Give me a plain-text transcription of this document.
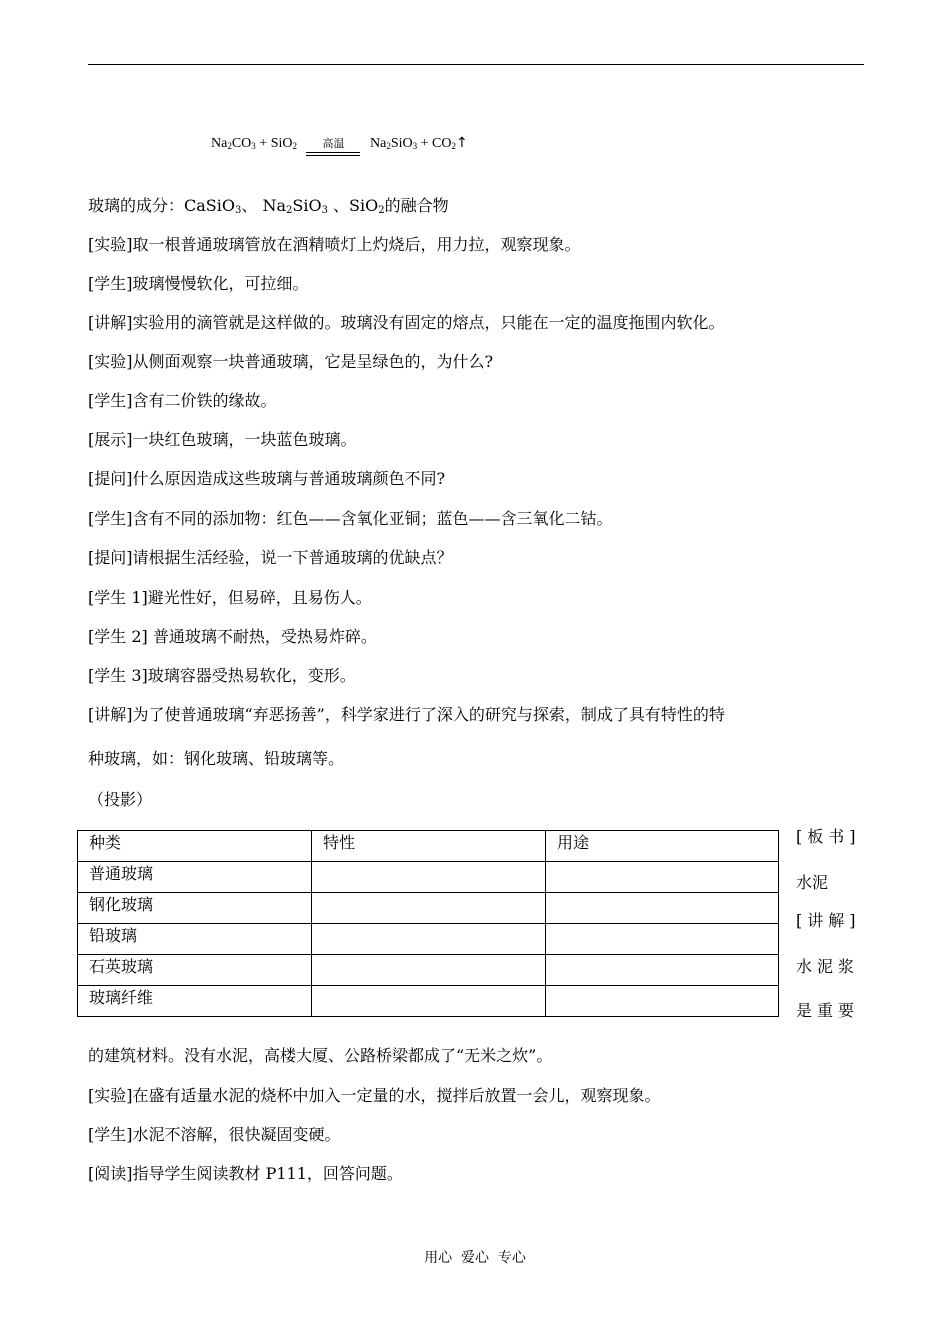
$Na_2CO_3 + SiO_2$ 高温 $Na_2SiO_3$ + $CO_2↑$
玻璃的成分：CaSiO$_3$、 $Na_2SiO_3$ 、SiO$_2$的融合物
[实验]取一根普通玻璃管放在酒精喷灯上灼烧后，用力拉，观察现象。
[学生]玻璃慢慢软化，可拉细。
[讲解]实验用的滴管就是这样做的。玻璃没有固定的熔点，只能在一定的温度拖围内软化。
[实验]从侧面观察一块普通玻璃，它是呈绿色的，为什么?
[学生]含有二价铁的缘故。
[展示]一块红色玻璃，一块蓝色玻璃。
[提问]什么原因造成这些玻璃与普通玻璃颜色不同?
[学生]含有不同的添加物：红色——含氧化亚铜；蓝色——含三氧化二钴。
[提问]请根据生活经验，说一下普通玻璃的优缺点？
[学生 1]避光性好，但易碎，且易伤人。
[学生 2] 普通玻璃不耐热，受热易炸碎。
[学生 3]玻璃容器受热易软化，变形。
[讲解]为了使普通玻璃“弃恶扬善”，科学家进行了深入的研究与探索，制成了具有特性的特
种玻璃，如：钢化玻璃、铅玻璃等。
（投影）
种类	特性	用途
普通玻璃		
钢化玻璃		
铅玻璃		
石英玻璃		
玻璃纤维		
[板书]
水泥
[讲解]
水泥浆
是重要
的建筑材料。没有水泥，高楼大厦、公路桥梁都成了“无米之炊”。
[实验]在盛有适量水泥的烧杯中加入一定量的水，搅拌后放置一会儿，观察现象。
[学生]水泥不溶解，很快凝固变硬。
[阅读]指导学生阅读教材 P111，回答问题。
用心  爱心  专心
